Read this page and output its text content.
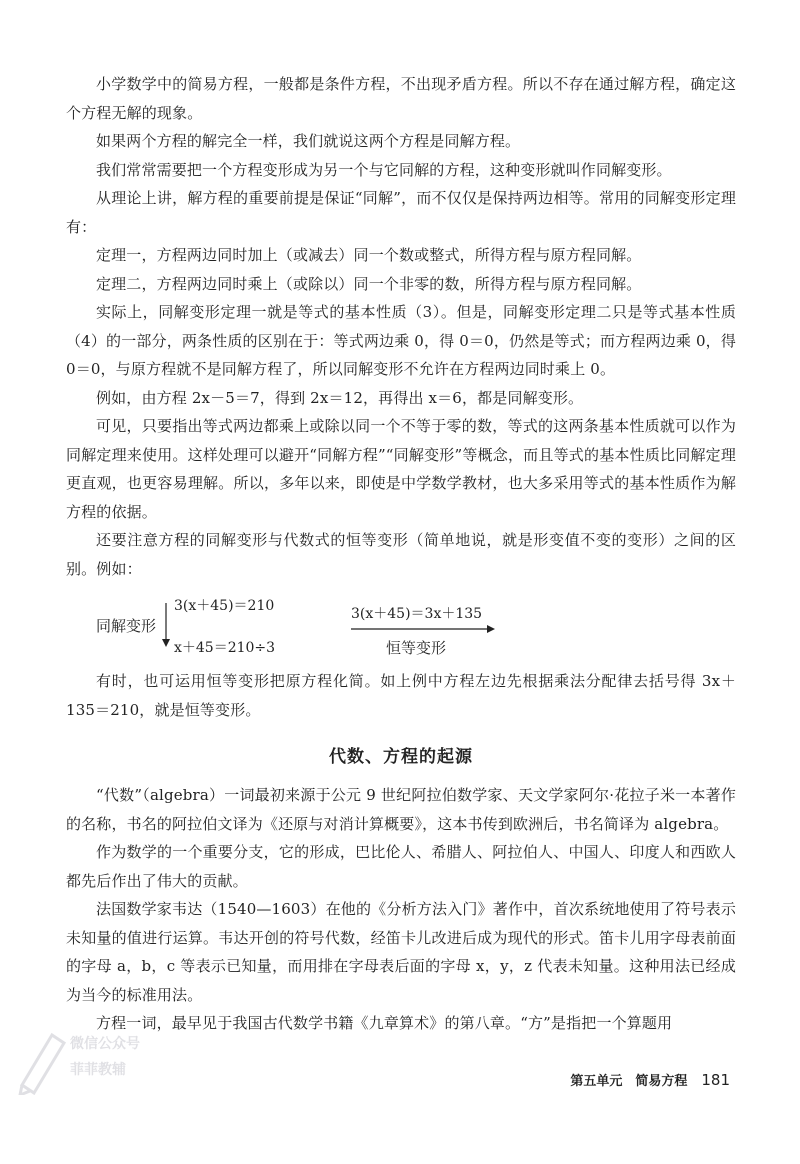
小学数学中的简易方程，一般都是条件方程，不出现矛盾方程。所以不存在通过解方程，确定这个方程无解的现象。

如果两个方程的解完全一样，我们就说这两个方程是同解方程。

我们常常需要把一个方程变形成为另一个与它同解的方程，这种变形就叫作同解变形。

从理论上讲，解方程的重要前提是保证“同解”，而不仅仅是保持两边相等。常用的同解变形定理有：

定理一，方程两边同时加上（或减去）同一个数或整式，所得方程与原方程同解。

定理二，方程两边同时乘上（或除以）同一个非零的数，所得方程与原方程同解。

实际上，同解变形定理一就是等式的基本性质（3）。但是，同解变形定理二只是等式基本性质（4）的一部分，两条性质的区别在于：等式两边乘 0，得 0＝0，仍然是等式；而方程两边乘 0，得 0＝0，与原方程就不是同解方程了，所以同解变形不允许在方程两边同时乘上 0。

例如，由方程 2x－5＝7，得到 2x＝12，再得出 x＝6，都是同解变形。

可见，只要指出等式两边都乘上或除以同一个不等于零的数，等式的这两条基本性质就可以作为同解定理来使用。这样处理可以避开“同解方程”“同解变形”等概念，而且等式的基本性质比同解定理更直观，也更容易理解。所以，多年以来，即使是中学数学教材，也大多采用等式的基本性质作为解方程的依据。

还要注意方程的同解变形与代数式的恒等变形（简单地说，就是形变值不变的变形）之间的区别。例如：

同解变形
3(x＋45)＝210
x＋45＝210÷3
3(x＋45)＝3x＋135
恒等变形

有时，也可运用恒等变形把原方程化简。如上例中方程左边先根据乘法分配律去括号得 3x＋135＝210，就是恒等变形。

代数、方程的起源

“代数”（algebra）一词最初来源于公元 9 世纪阿拉伯数学家、天文学家阿尔·花拉子米一本著作的名称，书名的阿拉伯文译为《还原与对消计算概要》，这本书传到欧洲后，书名简译为 algebra。

作为数学的一个重要分支，它的形成，巴比伦人、希腊人、阿拉伯人、中国人、印度人和西欧人都先后作出了伟大的贡献。

法国数学家韦达（1540—1603）在他的《分析方法入门》著作中，首次系统地使用了符号表示未知量的值进行运算。韦达开创的符号代数，经笛卡儿改进后成为现代的形式。笛卡儿用字母表前面的字母 a，b，c 等表示已知量，而用排在字母表后面的字母 x，y，z 代表未知量。这种用法已经成为当今的标准用法。

方程一词，最早见于我国古代数学书籍《九章算术》的第八章。“方”是指把一个算题用

微信公众号
菲菲教辅
第五单元　简易方程 181
